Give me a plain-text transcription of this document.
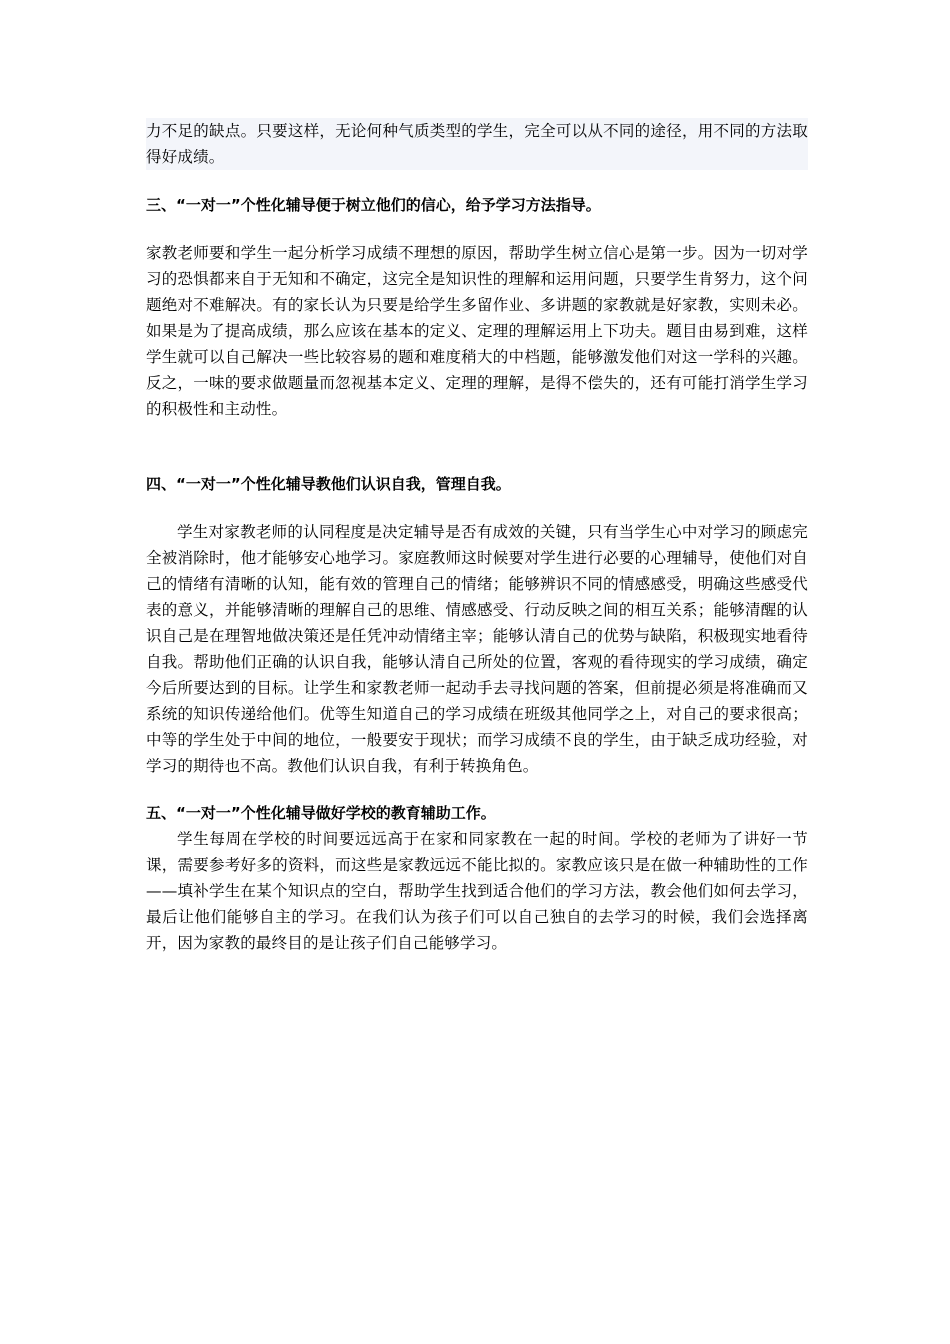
力不足的缺点。只要这样，无论何种气质类型的学生，完全可以从不同的途径，用不同的方法取得好成绩。

三、“一对一”个性化辅导便于树立他们的信心，给予学习方法指导。

家教老师要和学生一起分析学习成绩不理想的原因，帮助学生树立信心是第一步。因为一切对学习的恐惧都来自于无知和不确定，这完全是知识性的理解和运用问题，只要学生肯努力，这个问题绝对不难解决。有的家长认为只要是给学生多留作业、多讲题的家教就是好家教，实则未必。如果是为了提高成绩，那么应该在基本的定义、定理的理解运用上下功夫。题目由易到难，这样学生就可以自己解决一些比较容易的题和难度稍大的中档题，能够激发他们对这一学科的兴趣。反之，一味的要求做题量而忽视基本定义、定理的理解，是得不偿失的，还有可能打消学生学习的积极性和主动性。

四、“一对一”个性化辅导教他们认识自我，管理自我。

学生对家教老师的认同程度是决定辅导是否有成效的关键，只有当学生心中对学习的顾虑完全被消除时，他才能够安心地学习。家庭教师这时候要对学生进行必要的心理辅导，使他们对自己的情绪有清晰的认知，能有效的管理自己的情绪；能够辨识不同的情感感受，明确这些感受代表的意义，并能够清晰的理解自己的思维、情感感受、行动反映之间的相互关系；能够清醒的认识自己是在理智地做决策还是任凭冲动情绪主宰；能够认清自己的优势与缺陷，积极现实地看待自我。帮助他们正确的认识自我，能够认清自己所处的位置，客观的看待现实的学习成绩，确定今后所要达到的目标。让学生和家教老师一起动手去寻找问题的答案，但前提必须是将准确而又系统的知识传递给他们。优等生知道自己的学习成绩在班级其他同学之上，对自己的要求很高；中等的学生处于中间的地位，一般要安于现状；而学习成绩不良的学生，由于缺乏成功经验，对学习的期待也不高。教他们认识自我，有利于转换角色。

五、“一对一”个性化辅导做好学校的教育辅助工作。

学生每周在学校的时间要远远高于在家和同家教在一起的时间。学校的老师为了讲好一节课，需要参考好多的资料，而这些是家教远远不能比拟的。家教应该只是在做一种辅助性的工作——填补学生在某个知识点的空白，帮助学生找到适合他们的学习方法，教会他们如何去学习，最后让他们能够自主的学习。在我们认为孩子们可以自己独自的去学习的时候，我们会选择离开，因为家教的最终目的是让孩子们自己能够学习。
